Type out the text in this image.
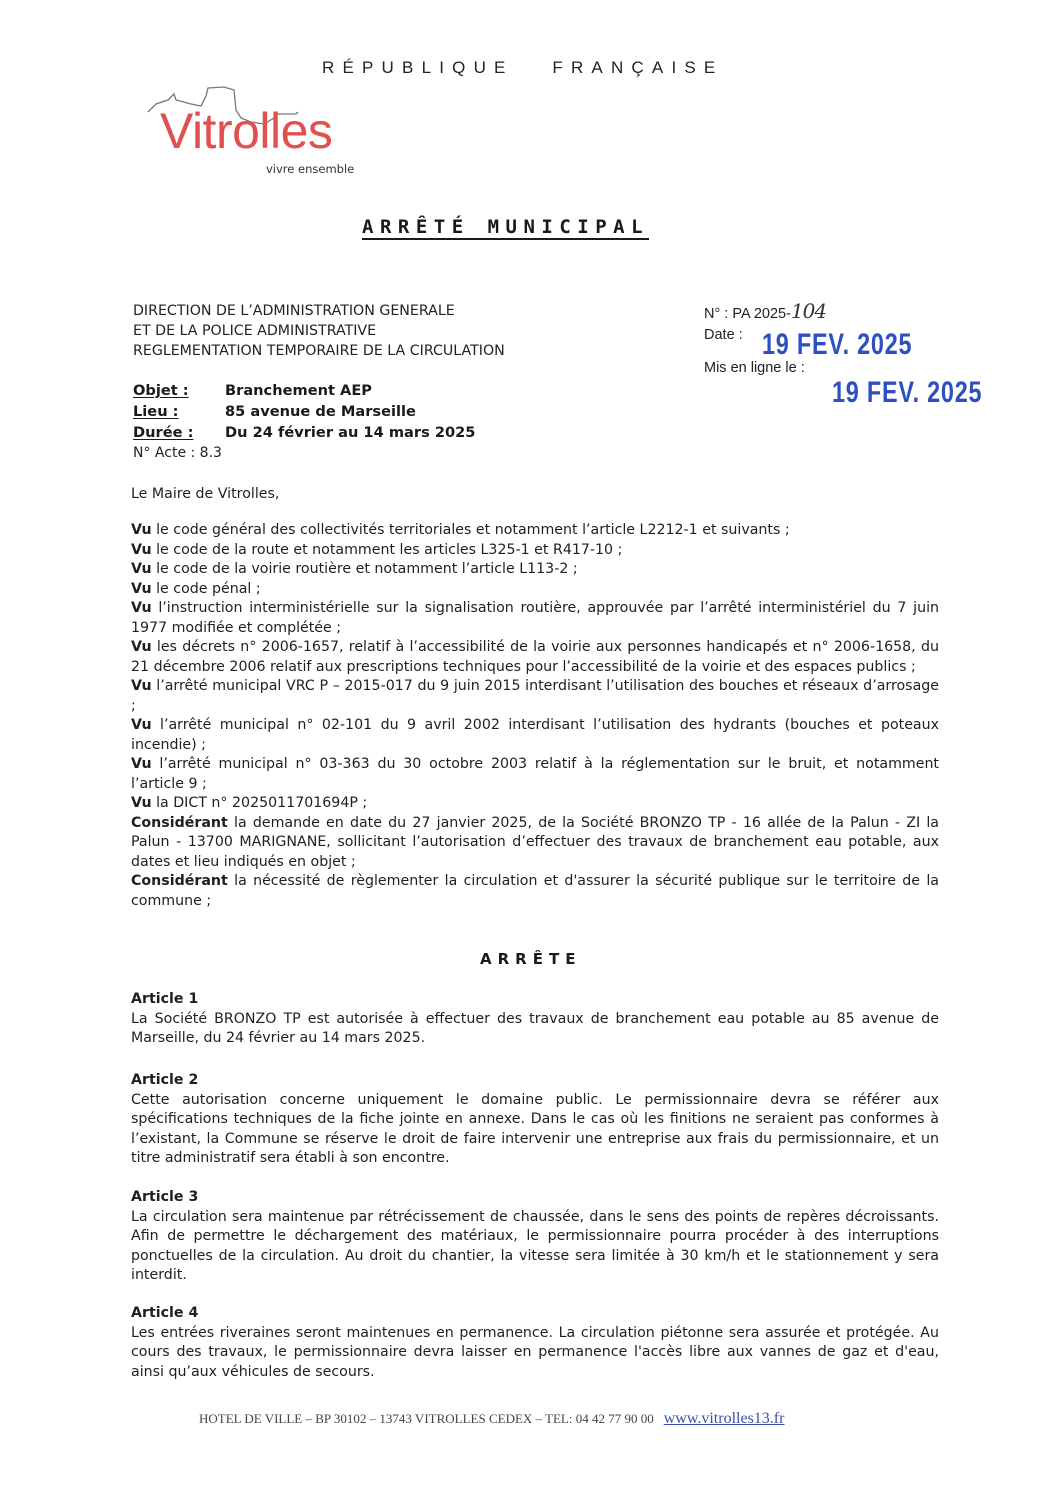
RÉPUBLIQUE   FRANÇAISE
Vitrolles
vivre ensemble
ARRÊTÉ MUNICIPAL
DIRECTION DE L’ADMINISTRATION GENERALE
ET DE LA POLICE ADMINISTRATIVE
REGLEMENTATION TEMPORAIRE DE LA CIRCULATION
N° : PA 2025-104
Date : 19 FEV. 2025
Mis en ligne le :
19 FEV. 2025
Objet :	Branchement AEP
Lieu :	85 avenue de Marseille
Durée :	Du 24 février au 14 mars 2025
N° Acte : 8.3
Le Maire de Vitrolles,

Vu le code général des collectivités territoriales et notamment l’article L2212-1 et suivants ;

Vu le code de la route et notamment les articles L325-1 et R417-10 ;

Vu le code de la voirie routière et notamment l’article L113-2 ;

Vu le code pénal ;

Vu l’instruction interministérielle sur la signalisation routière, approuvée par l’arrêté interministériel du 7 juin 1977 modifiée et complétée ;

Vu les décrets n° 2006-1657, relatif à l’accessibilité de la voirie aux personnes handicapés et n° 2006-1658, du 21 décembre 2006 relatif aux prescriptions techniques pour l’accessibilité de la voirie et des espaces publics ;

Vu l’arrêté municipal VRC P – 2015-017 du 9 juin 2015 interdisant l’utilisation des bouches et réseaux d’arrosage ;

Vu l’arrêté municipal n° 02-101 du 9 avril 2002 interdisant l’utilisation des hydrants (bouches et poteaux incendie) ;

Vu l’arrêté municipal n° 03-363 du 30 octobre 2003 relatif à la réglementation sur le bruit, et notamment l’article 9 ;

Vu la DICT n° 2025011701694P ;

Considérant la demande en date du 27 janvier 2025, de la Société BRONZO TP - 16 allée de la Palun - ZI la Palun - 13700 MARIGNANE, sollicitant l’autorisation d’effectuer des travaux de branchement eau potable, aux dates et lieu indiqués en objet ;

Considérant la nécessité de règlementer la circulation et d'assurer la sécurité publique sur le territoire de la commune ;

ARRÊTE

Article 1

La Société BRONZO TP est autorisée à effectuer des travaux de branchement eau potable au 85 avenue de Marseille, du 24 février au 14 mars 2025.

Article 2

Cette autorisation concerne uniquement le domaine public. Le permissionnaire devra se référer aux spécifications techniques de la fiche jointe en annexe. Dans le cas où les finitions ne seraient pas conformes à l’existant, la Commune se réserve le droit de faire intervenir une entreprise aux frais du permissionnaire, et un titre administratif sera établi à son encontre.

Article 3

La circulation sera maintenue par rétrécissement de chaussée, dans le sens des points de repères décroissants. Afin de permettre le déchargement des matériaux, le permissionnaire pourra procéder à des interruptions ponctuelles de la circulation. Au droit du chantier, la vitesse sera limitée à 30 km/h et le stationnement y sera interdit.

Article 4

Les entrées riveraines seront maintenues en permanence. La circulation piétonne sera assurée et protégée. Au cours des travaux, le permissionnaire devra laisser en permanence l'accès libre aux vannes de gaz et d'eau, ainsi qu’aux véhicules de secours.

HOTEL DE VILLE – BP 30102 – 13743 VITROLLES CEDEX – TEL: 04 42 77 90 00 www.vitrolles13.fr
